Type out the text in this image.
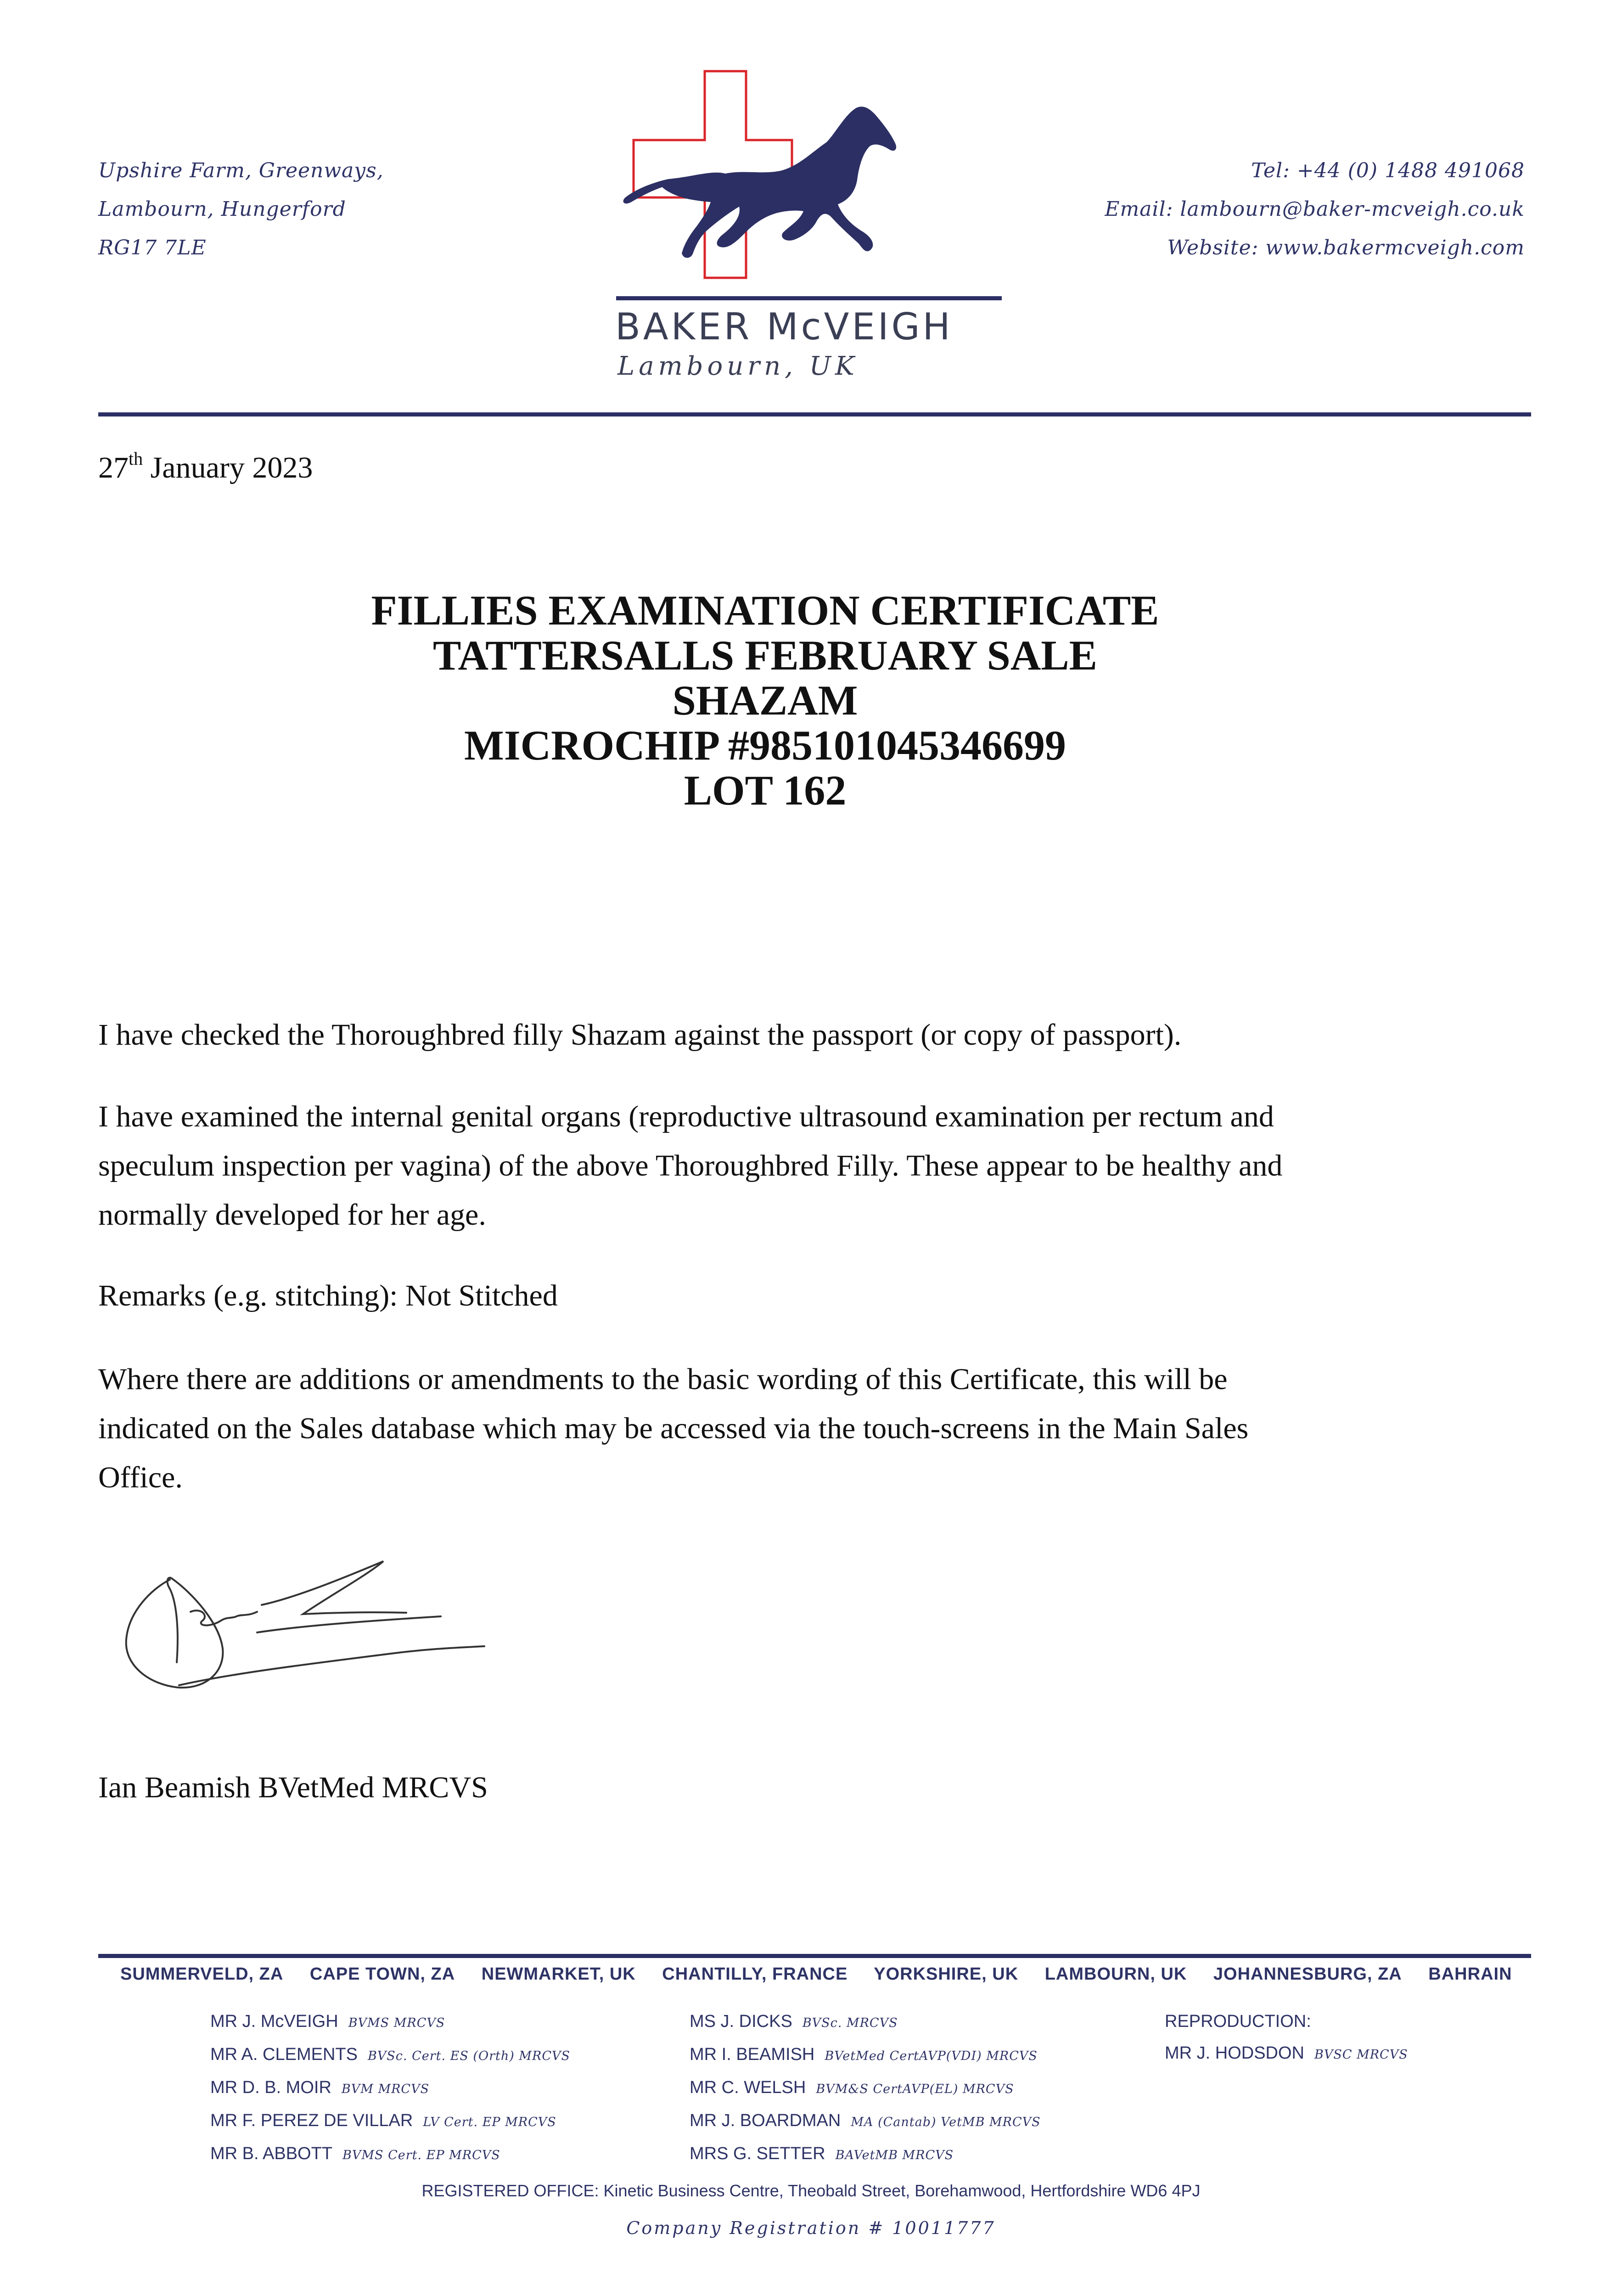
Upshire Farm, Greenways,
Lambourn, Hungerford
RG17 7LE
Tel: +44 (0) 1488 491068
Email: lambourn@baker-mcveigh.co.uk
Website: www.bakermcveigh.com
BAKER McVEIGH
Lambourn, UK
27th January 2023
FILLIES EXAMINATION CERTIFICATE
TATTERSALLS FEBRUARY SALE
SHAZAM
MICROCHIP #985101045346699
LOT 162
I have checked the Thoroughbred filly Shazam against the passport (or copy of passport).
I have examined the internal genital organs (reproductive ultrasound examination per rectum and
speculum inspection per vagina) of the above Thoroughbred Filly. These appear to be healthy and
normally developed for her age.
Remarks (e.g. stitching): Not Stitched
Where there are additions or amendments to the basic wording of this Certificate, this will be
indicated on the Sales database which may be accessed via the touch-screens in the Main Sales
Office.
Ian Beamish BVetMed MRCVS
SUMMERVELD, ZA CAPE TOWN, ZA NEWMARKET, UK CHANTILLY, FRANCE YORKSHIRE, UK LAMBOURN, UK JOHANNESBURG, ZA BAHRAIN
MR J. McVEIGH BVMS MRCVS
MR A. CLEMENTS BVSc. Cert. ES (Orth) MRCVS
MR D. B. MOIR BVM MRCVS
MR F. PEREZ DE VILLAR LV Cert. EP MRCVS
MR B. ABBOTT BVMS Cert. EP MRCVS
MS J. DICKS BVSc. MRCVS
MR I. BEAMISH BVetMed CertAVP(VDI) MRCVS
MR C. WELSH BVM&S CertAVP(EL) MRCVS
MR J. BOARDMAN MA (Cantab) VetMB MRCVS
MRS G. SETTER BAVetMB MRCVS
REPRODUCTION:
MR J. HODSDON BVSC MRCVS
REGISTERED OFFICE: Kinetic Business Centre, Theobald Street, Borehamwood, Hertfordshire WD6 4PJ
Company Registration # 10011777
